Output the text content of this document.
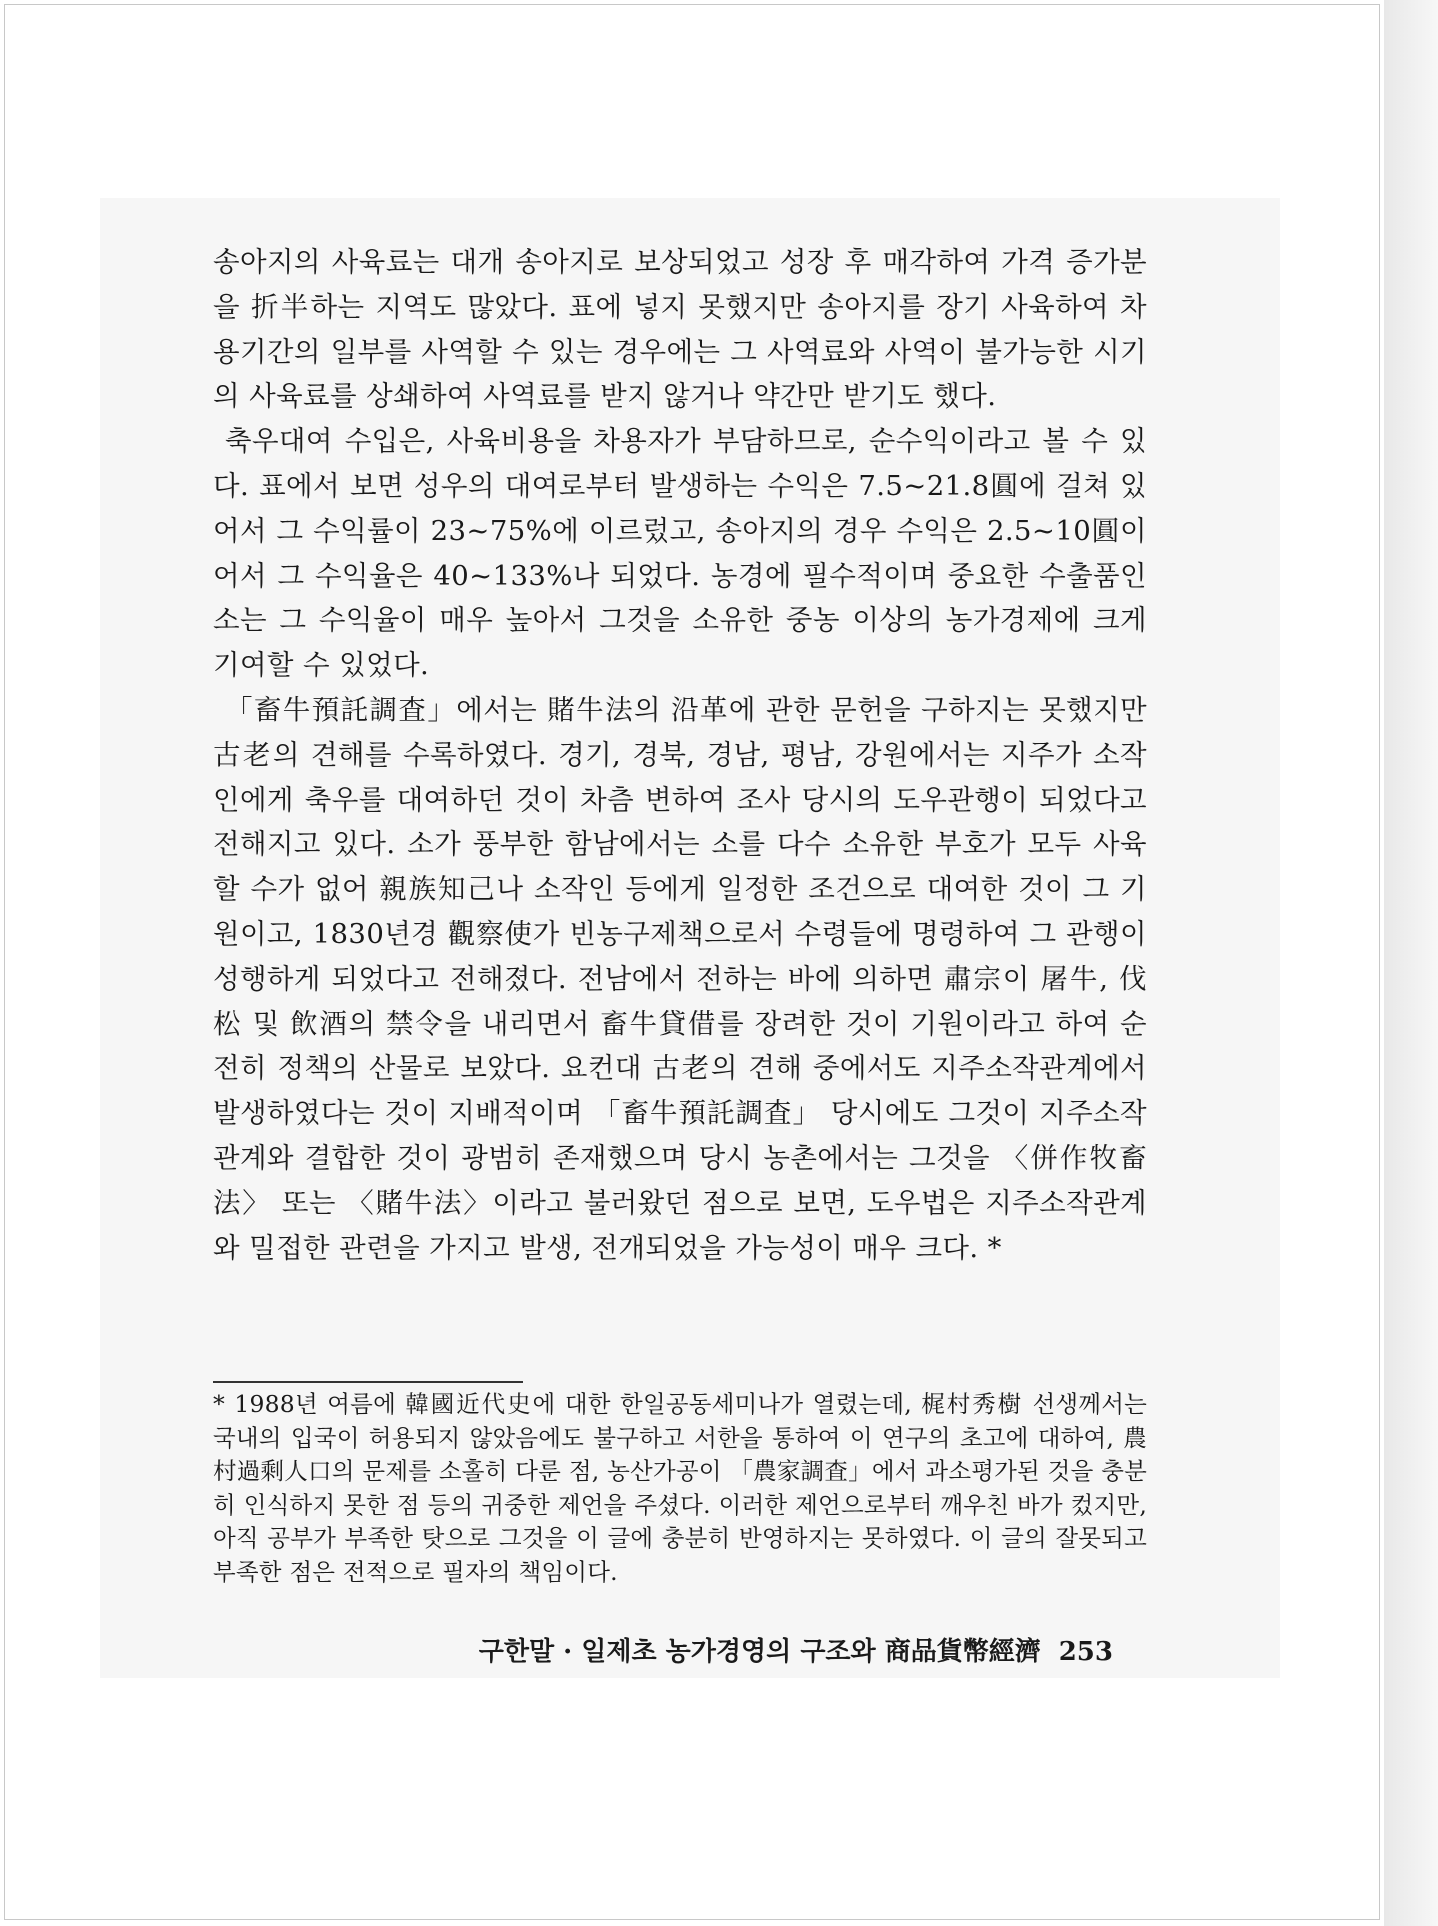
송아지의 사육료는 대개 송아지로 보상되었고 성장 후 매각하여 가격 증가분을 折半하는 지역도 많았다. 표에 넣지 못했지만 송아지를 장기 사육하여 차용기간의 일부를 사역할 수 있는 경우에는 그 사역료와 사역이 불가능한 시기의 사육료를 상쇄하여 사역료를 받지 않거나 약간만 받기도 했다.

축우대여 수입은, 사육비용을 차용자가 부담하므로, 순수익이라고 볼 수 있다. 표에서 보면 성우의 대여로부터 발생하는 수익은 7.5~21.8圓에 걸쳐 있어서 그 수익률이 23~75%에 이르렀고, 송아지의 경우 수익은 2.5~10圓이어서 그 수익율은 40~133%나 되었다. 농경에 필수적이며 중요한 수출품인 소는 그 수익율이 매우 높아서 그것을 소유한 중농 이상의 농가경제에 크게 기여할 수 있었다.

「畜牛預託調査」에서는 賭牛法의 沿革에 관한 문헌을 구하지는 못했지만 古老의 견해를 수록하였다. 경기, 경북, 경남, 평남, 강원에서는 지주가 소작인에게 축우를 대여하던 것이 차츰 변하여 조사 당시의 도우관행이 되었다고 전해지고 있다. 소가 풍부한 함남에서는 소를 다수 소유한 부호가 모두 사육할 수가 없어 親族知己나 소작인 등에게 일정한 조건으로 대여한 것이 그 기원이고, 1830년경 觀察使가 빈농구제책으로서 수령들에 명령하여 그 관행이 성행하게 되었다고 전해졌다. 전남에서 전하는 바에 의하면 肅宗이 屠牛, 伐松 및 飲酒의 禁令을 내리면서 畜牛貸借를 장려한 것이 기원이라고 하여 순전히 정책의 산물로 보았다. 요컨대 古老의 견해 중에서도 지주소작관계에서 발생하였다는 것이 지배적이며 「畜牛預託調査」 당시에도 그것이 지주소작관계와 결합한 것이 광범히 존재했으며 당시 농촌에서는 그것을 〈併作牧畜法〉 또는 〈賭牛法〉이라고 불러왔던 점으로 보면, 도우법은 지주소작관계와 밀접한 관련을 가지고 발생, 전개되었을 가능성이 매우 크다. *

* 1988년 여름에 韓國近代史에 대한 한일공동세미나가 열렸는데, 梶村秀樹 선생께서는 국내의 입국이 허용되지 않았음에도 불구하고 서한을 통하여 이 연구의 초고에 대하여, 農村過剩人口의 문제를 소홀히 다룬 점, 농산가공이 「農家調査」에서 과소평가된 것을 충분히 인식하지 못한 점 등의 귀중한 제언을 주셨다. 이러한 제언으로부터 깨우친 바가 컸지만, 아직 공부가 부족한 탓으로 그것을 이 글에 충분히 반영하지는 못하였다. 이 글의 잘못되고 부족한 점은 전적으로 필자의 책임이다.
구한말 · 일제초 농가경영의 구조와 商品貨幣經濟 253
